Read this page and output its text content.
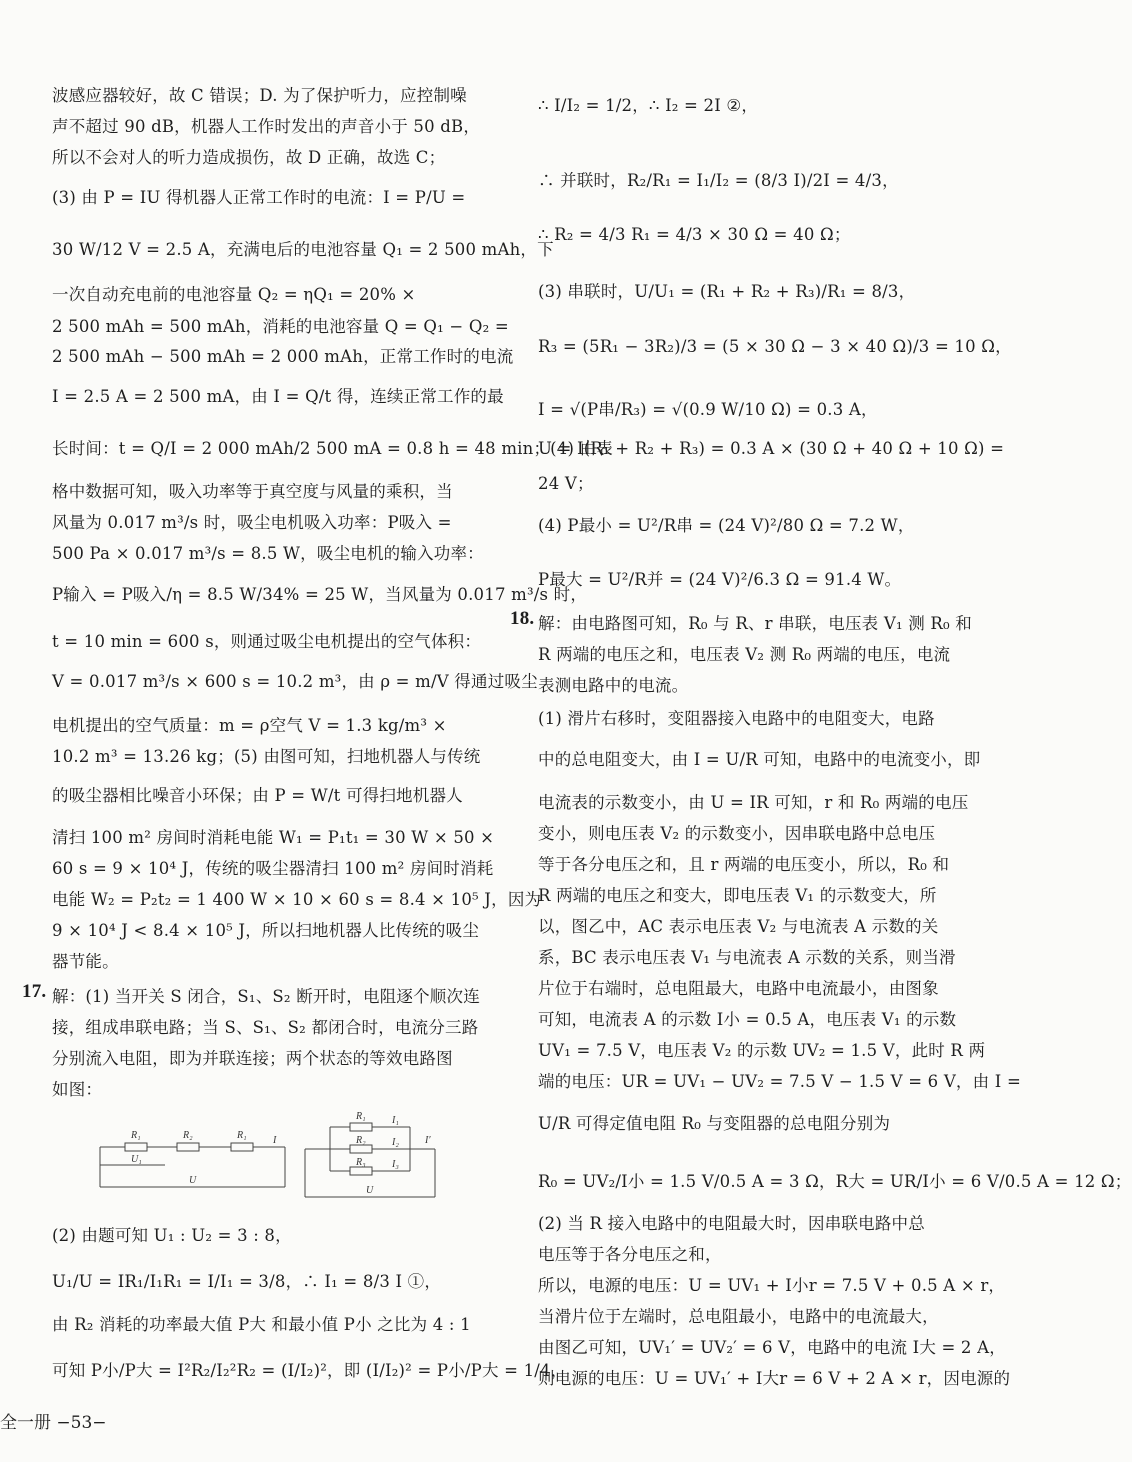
波感应器较好，故 C 错误；D. 为了保护听力，应控制噪
声不超过 90 dB，机器人工作时发出的声音小于 50 dB，
所以不会对人的听力造成损伤，故 D 正确，故选 C；
(3) 由 P = IU 得机器人正常工作时的电流：I = P/U =
30 W/12 V = 2.5 A，充满电后的电池容量 Q₁ = 2 500 mAh，下
一次自动充电前的电池容量 Q₂ = ηQ₁ = 20% ×
2 500 mAh = 500 mAh，消耗的电池容量 Q = Q₁ − Q₂ =
2 500 mAh − 500 mAh = 2 000 mAh，正常工作时的电流
I = 2.5 A = 2 500 mA，由 I = Q/t 得，连续正常工作的最
长时间：t = Q/I = 2 000 mAh/2 500 mA = 0.8 h = 48 min；(4) 由表
格中数据可知，吸入功率等于真空度与风量的乘积，当
风量为 0.017 m³/s 时，吸尘电机吸入功率：P吸入 =
500 Pa × 0.017 m³/s = 8.5 W，吸尘电机的输入功率：
P输入 = P吸入/η = 8.5 W/34% = 25 W，当风量为 0.017 m³/s 时，
t = 10 min = 600 s，则通过吸尘电机提出的空气体积：
V = 0.017 m³/s × 600 s = 10.2 m³，由 ρ = m/V 得通过吸尘
电机提出的空气质量：m = ρ空气 V = 1.3 kg/m³ ×
10.2 m³ = 13.26 kg；(5) 由图可知，扫地机器人与传统
的吸尘器相比噪音小环保；由 P = W/t 可得扫地机器人
清扫 100 m² 房间时消耗电能 W₁ = P₁t₁ = 30 W × 50 ×
60 s = 9 × 10⁴ J，传统的吸尘器清扫 100 m² 房间时消耗
电能 W₂ = P₂t₂ = 1 400 W × 10 × 60 s = 8.4 × 10⁵ J，因为
9 × 10⁴ J < 8.4 × 10⁵ J，所以扫地机器人比传统的吸尘
器节能。
17. 解：(1) 当开关 S 闭合，S₁、S₂ 断开时，电阻逐个顺次连
接，组成串联电路；当 S、S₁、S₂ 都闭合时，电流分三路
分别流入电阻，即为并联连接；两个状态的等效电路图
如图：
R₁	R₂	R₁
U₁
U
I
R₁
R₂
R₃
I₁
I₂
I₃
I′
U
(2) 由题可知 U₁ : U₂ = 3 : 8，
U₁/U = IR₁/I₁R₁ = I/I₁ = 3/8，∴ I₁ = 8/3 I ①，
由 R₂ 消耗的功率最大值 P大 和最小值 P小 之比为 4 : 1
可知 P小/P大 = I²R₂/I₂²R₂ = (I/I₂)²，即 (I/I₂)² = P小/P大 = 1/4，
∴ I/I₂ = 1/2，∴ I₂ = 2I ②，
∴ 并联时，R₂/R₁ = I₁/I₂ = (8/3 I)/2I = 4/3，
∴ R₂ = 4/3 R₁ = 4/3 × 30 Ω = 40 Ω；
(3) 串联时，U/U₁ = (R₁ + R₂ + R₃)/R₁ = 8/3，
R₃ = (5R₁ − 3R₂)/3 = (5 × 30 Ω − 3 × 40 Ω)/3 = 10 Ω，
I = √(P串/R₃) = √(0.9 W/10 Ω) = 0.3 A，
U = I(R₁ + R₂ + R₃) = 0.3 A × (30 Ω + 40 Ω + 10 Ω) =
24 V；
(4) P最小 = U²/R串 = (24 V)²/80 Ω = 7.2 W，
P最大 = U²/R并 = (24 V)²/6.3 Ω = 91.4 W。
18. 解：由电路图可知，R₀ 与 R、r 串联，电压表 V₁ 测 R₀ 和
R 两端的电压之和，电压表 V₂ 测 R₀ 两端的电压，电流
表测电路中的电流。
(1) 滑片右移时，变阻器接入电路中的电阻变大，电路
中的总电阻变大，由 I = U/R 可知，电路中的电流变小，即
电流表的示数变小，由 U = IR 可知，r 和 R₀ 两端的电压
变小，则电压表 V₂ 的示数变小，因串联电路中总电压
等于各分电压之和，且 r 两端的电压变小，所以，R₀ 和
R 两端的电压之和变大，即电压表 V₁ 的示数变大，所
以，图乙中，AC 表示电压表 V₂ 与电流表 A 示数的关
系，BC 表示电压表 V₁ 与电流表 A 示数的关系，则当滑
片位于右端时，总电阻最大，电路中电流最小，由图象
可知，电流表 A 的示数 I小 = 0.5 A，电压表 V₁ 的示数
UV₁ = 7.5 V，电压表 V₂ 的示数 UV₂ = 1.5 V，此时 R 两
端的电压：UR = UV₁ − UV₂ = 7.5 V − 1.5 V = 6 V，由 I =
U/R 可得定值电阻 R₀ 与变阻器的总电阻分别为
R₀ = UV₂/I小 = 1.5 V/0.5 A = 3 Ω，R大 = UR/I小 = 6 V/0.5 A = 12 Ω；
(2) 当 R 接入电路中的电阻最大时，因串联电路中总
电压等于各分电压之和，
所以，电源的电压：U = UV₁ + I小r = 7.5 V + 0.5 A × r，
当滑片位于左端时，总电阻最小，电路中的电流最大，
由图乙可知，UV₁′ = UV₂′ = 6 V，电路中的电流 I大 = 2 A，
则电源的电压：U = UV₁′ + I大r = 6 V + 2 A × r，因电源的
全一册 −53−
